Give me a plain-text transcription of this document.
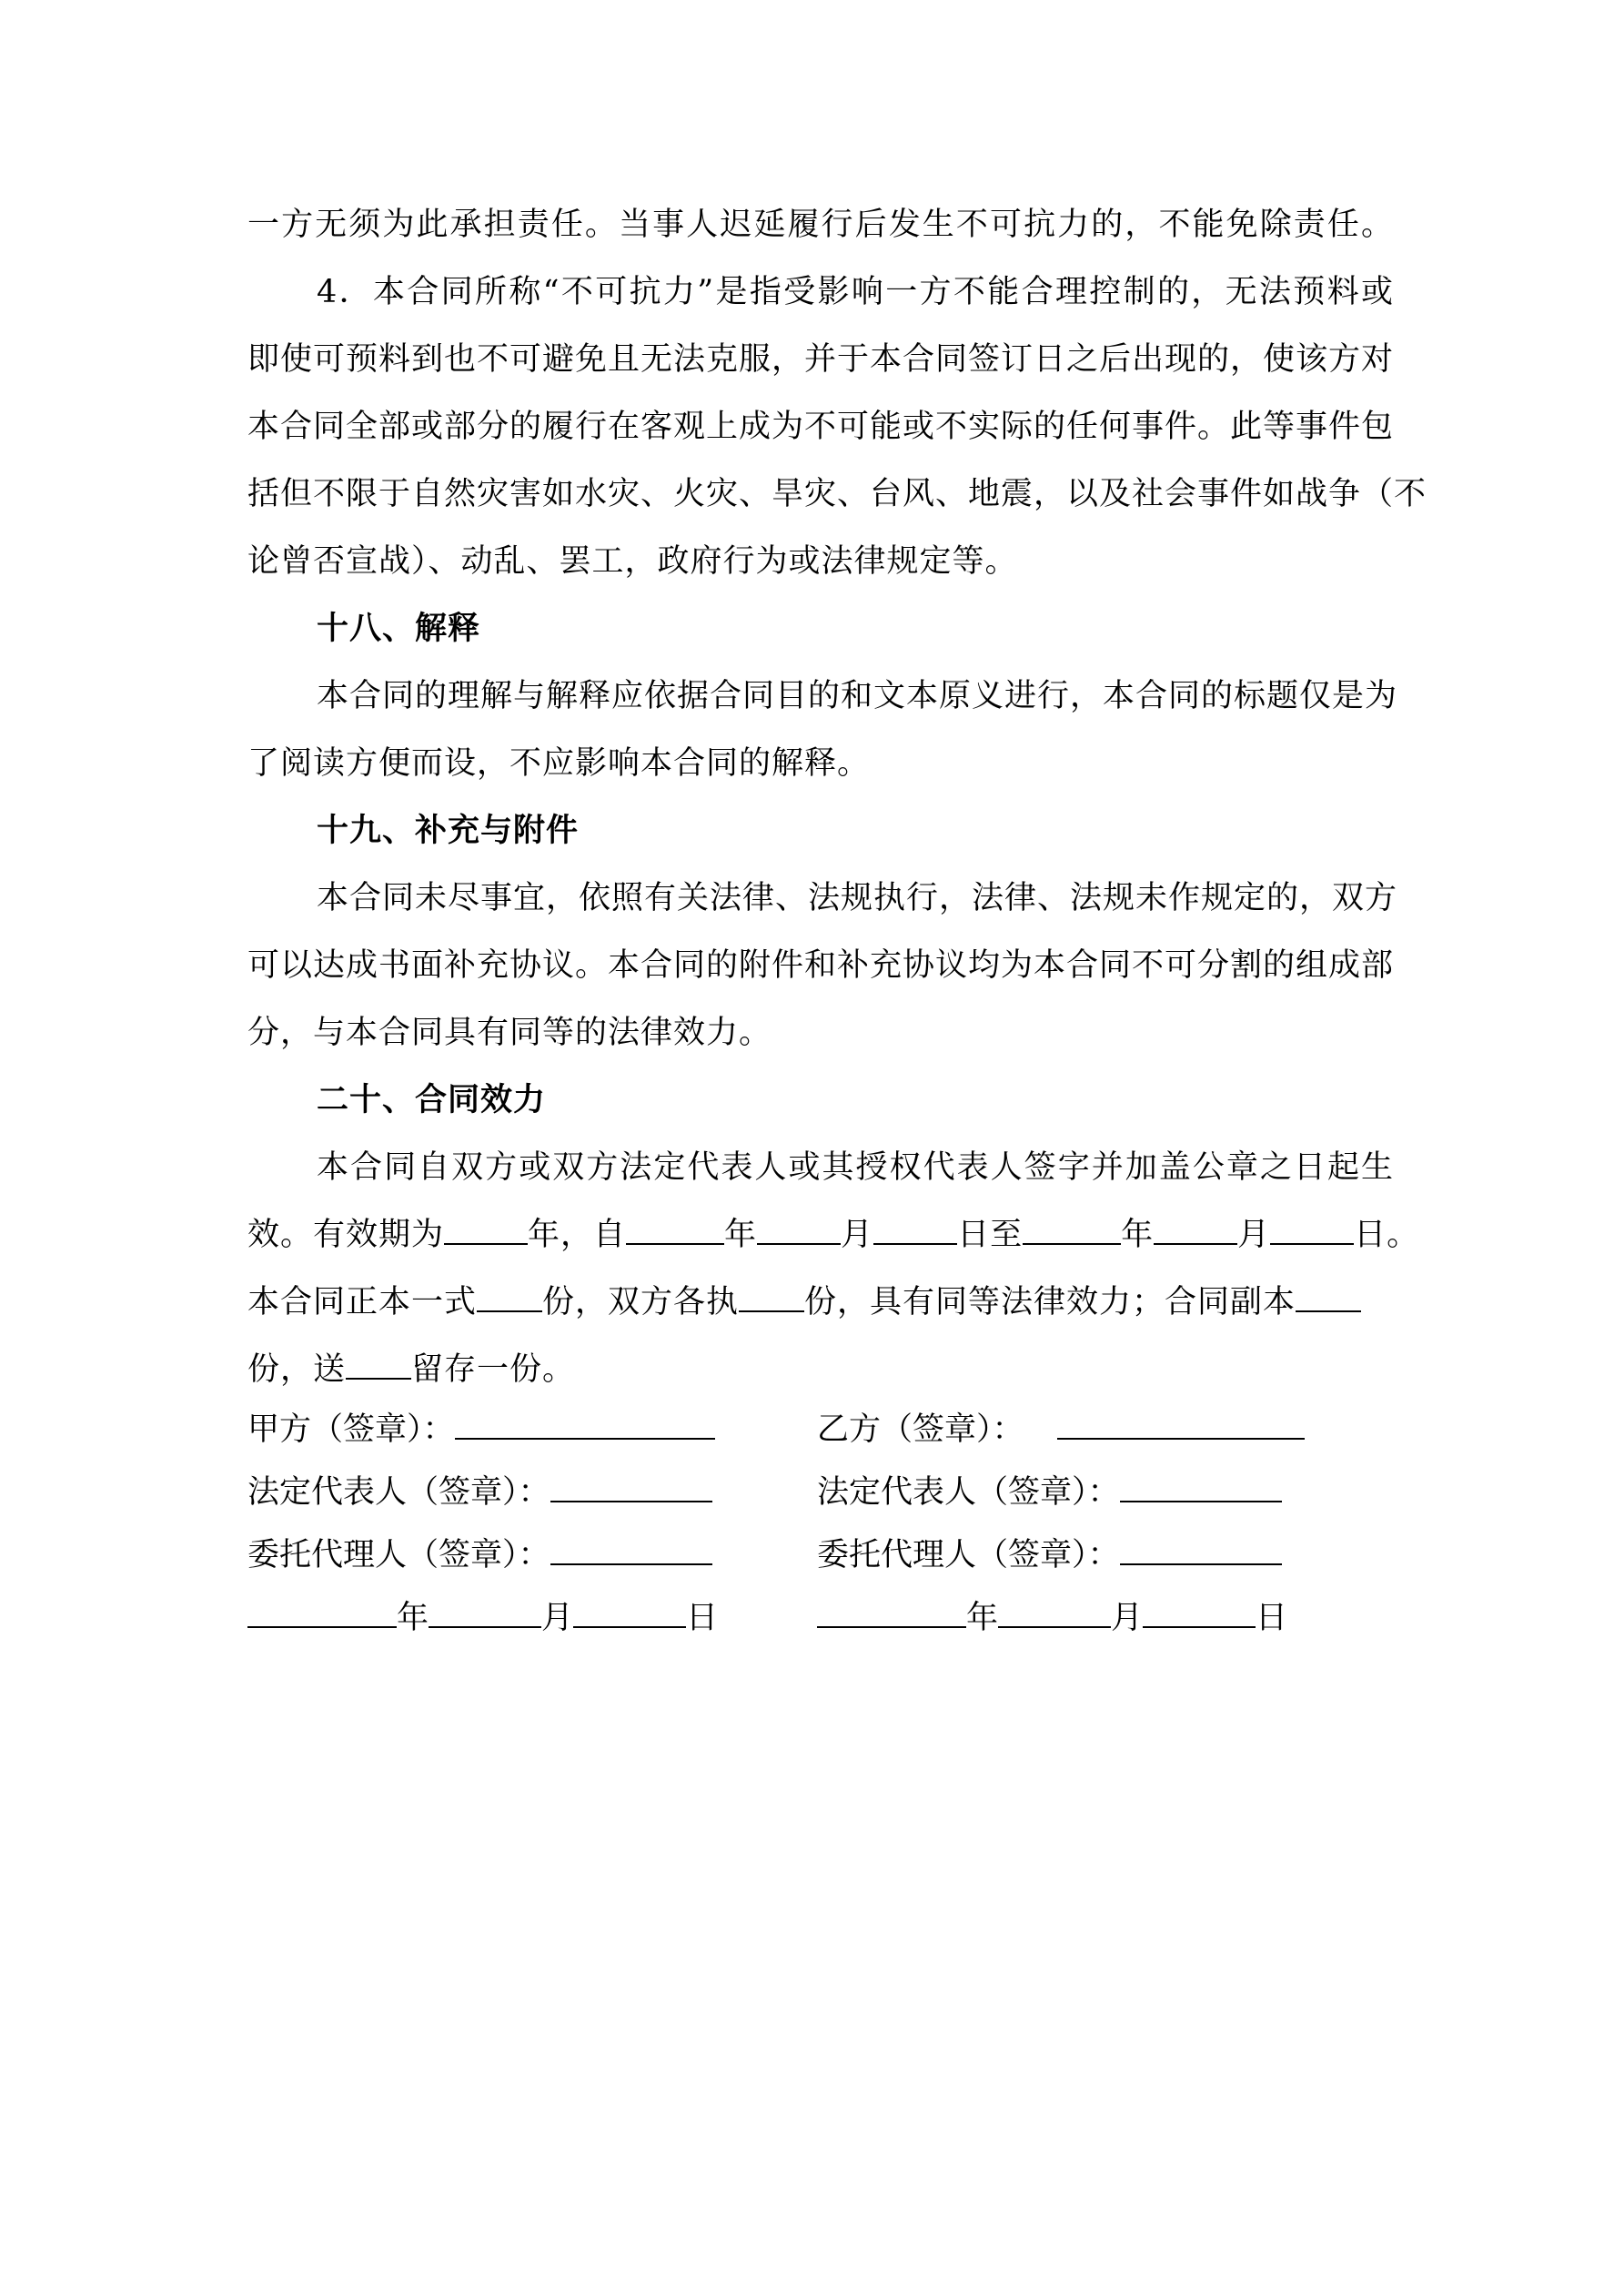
一方无须为此承担责任。当事人迟延履行后发生不可抗力的，不能免除责任。
4．本合同所称“不可抗力”是指受影响一方不能合理控制的，无法预料或
即使可预料到也不可避免且无法克服，并于本合同签订日之后出现的，使该方对
本合同全部或部分的履行在客观上成为不可能或不实际的任何事件。此等事件包
括但不限于自然灾害如水灾、火灾、旱灾、台风、地震，以及社会事件如战争（不
论曾否宣战）、动乱、罢工，政府行为或法律规定等。
十八、解释
本合同的理解与解释应依据合同目的和文本原义进行，本合同的标题仅是为
了阅读方便而设，不应影响本合同的解释。
十九、补充与附件
本合同未尽事宜，依照有关法律、法规执行，法律、法规未作规定的，双方
可以达成书面补充协议。本合同的附件和补充协议均为本合同不可分割的组成部
分，与本合同具有同等的法律效力。
二十、合同效力
本合同自双方或双方法定代表人或其授权代表人签字并加盖公章之日起生
效。有效期为	年，自	年	月	日至	年	月	日。
本合同正本一式 份，双方各执 份，具有同等法律效力；合同副本
份，送 留存一份。
甲方（签章）：	乙方（签章）：
法定代表人（签章）：	法定代表人（签章）：
委托代理人（签章）：	委托代理人（签章）：
年	月	日	年	月	日
